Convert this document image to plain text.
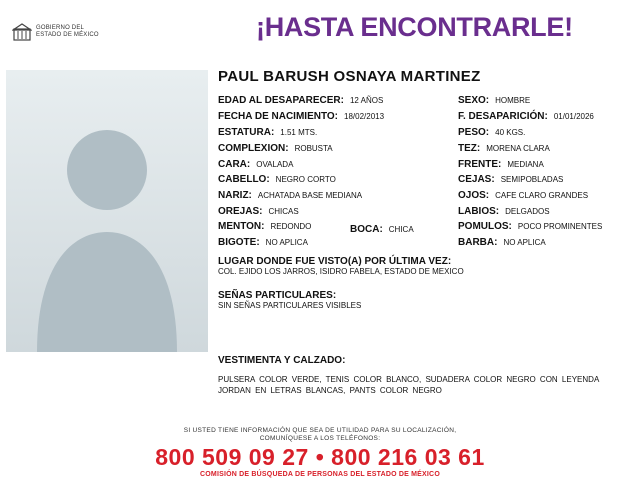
GOBIERNO DEL
ESTADO DE MÉXICO	¡HASTA ENCONTRARLE!
PAUL BARUSH OSNAYA MARTINEZ
EDAD AL DESAPARECER: 12 AÑOS
FECHA DE NACIMIENTO: 18/02/2013
ESTATURA: 1.51 MTS.
COMPLEXION: ROBUSTA
CARA: OVALADA
CABELLO: NEGRO CORTO
NARIZ: ACHATADA BASE MEDIANA
OREJAS: CHICAS
MENTON: REDONDO	BOCA: CHICA
BIGOTE: NO APLICA
SEXO: HOMBRE
F. DESAPARICIÓN: 01/01/2026
PESO: 40 KGS.
TEZ: MORENA CLARA
FRENTE: MEDIANA
CEJAS: SEMIPOBLADAS
OJOS: CAFE CLARO GRANDES
LABIOS: DELGADOS
POMULOS: POCO PROMINENTES
BARBA: NO APLICA
LUGAR DONDE FUE VISTO(A) POR ÚLTIMA VEZ:
COL. EJIDO LOS JARROS, ISIDRO FABELA, ESTADO DE MEXICO
SEÑAS PARTICULARES:
SIN SEÑAS PARTICULARES VISIBLES
VESTIMENTA Y CALZADO:
PULSERA COLOR VERDE, TENIS COLOR BLANCO, SUDADERA COLOR NEGRO CON LEYENDA JORDAN EN LETRAS BLANCAS, PANTS COLOR NEGRO
SI USTED TIENE INFORMACIÓN QUE SEA DE UTILIDAD PARA SU LOCALIZACIÓN,
COMUNÍQUESE A LOS TELÉFONOS:
800 509 09 27 • 800 216 03 61
COMISIÓN DE BÚSQUEDA DE PERSONAS DEL ESTADO DE MÉXICO
